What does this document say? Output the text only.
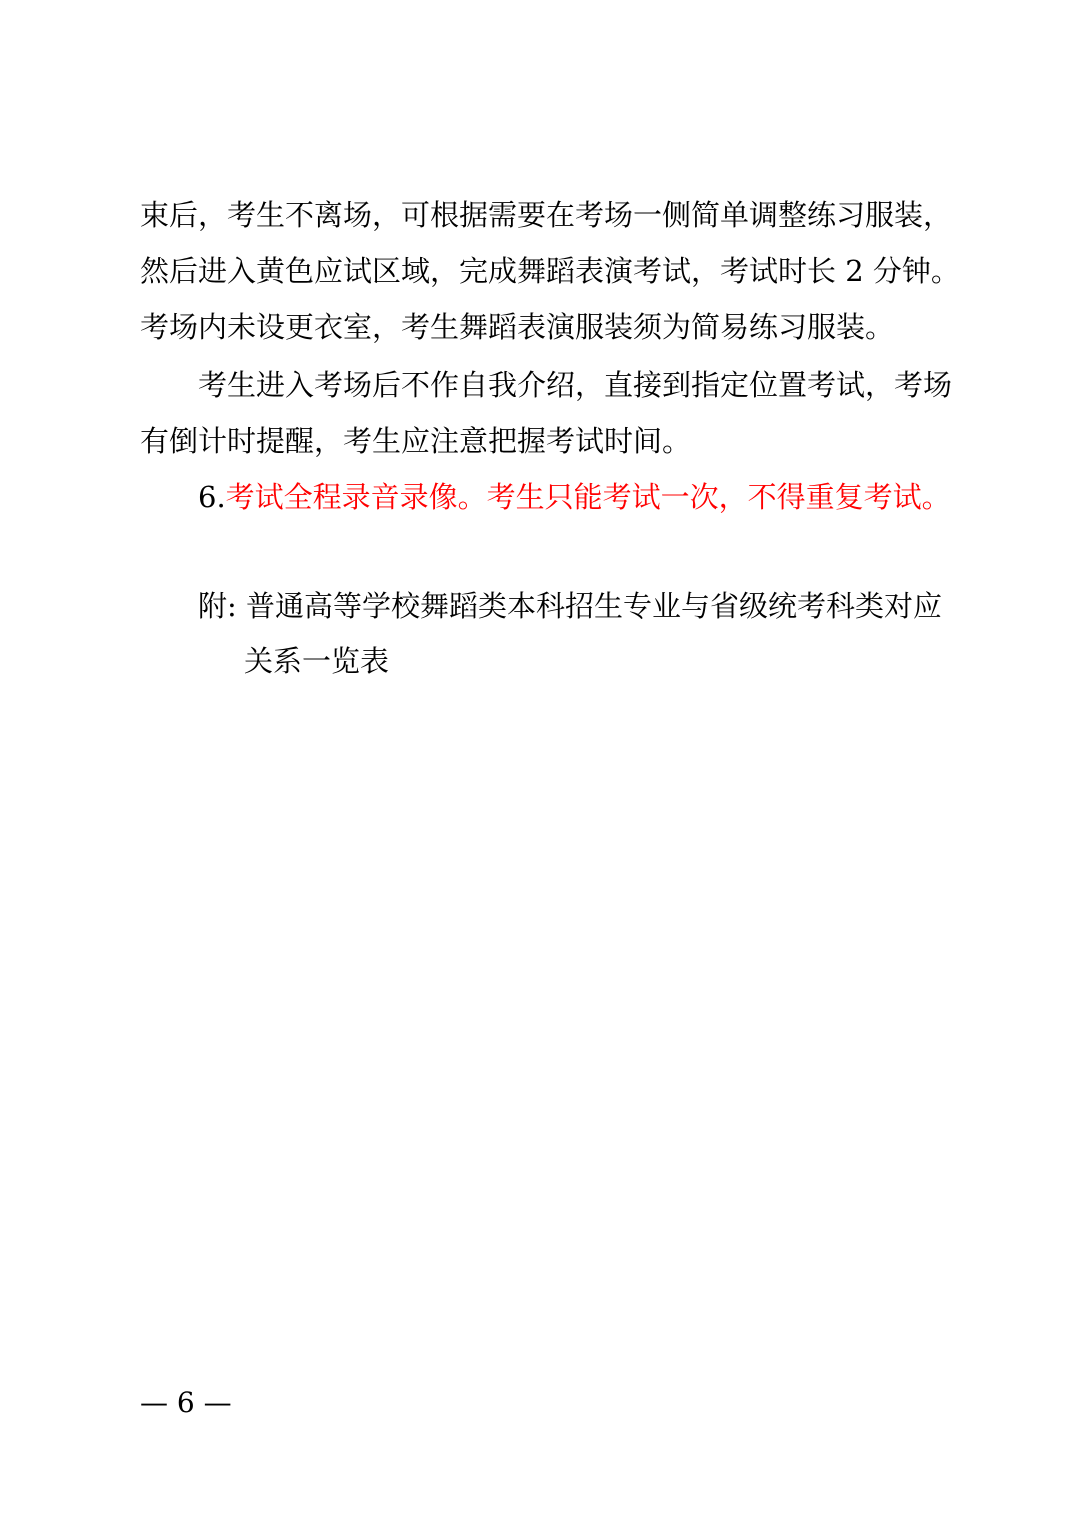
束后，考生不离场，可根据需要在考场一侧简单调整练习服装，
然后进入黄色应试区域，完成舞蹈表演考试，考试时长 2 分钟。
考场内未设更衣室，考生舞蹈表演服装须为简易练习服装。
考生进入考场后不作自我介绍，直接到指定位置考试，考场
有倒计时提醒，考生应注意把握考试时间。
6.考试全程录音录像。考生只能考试一次，不得重复考试。
附: 普通高等学校舞蹈类本科招生专业与省级统考科类对应
关系一览表
— 6 —
